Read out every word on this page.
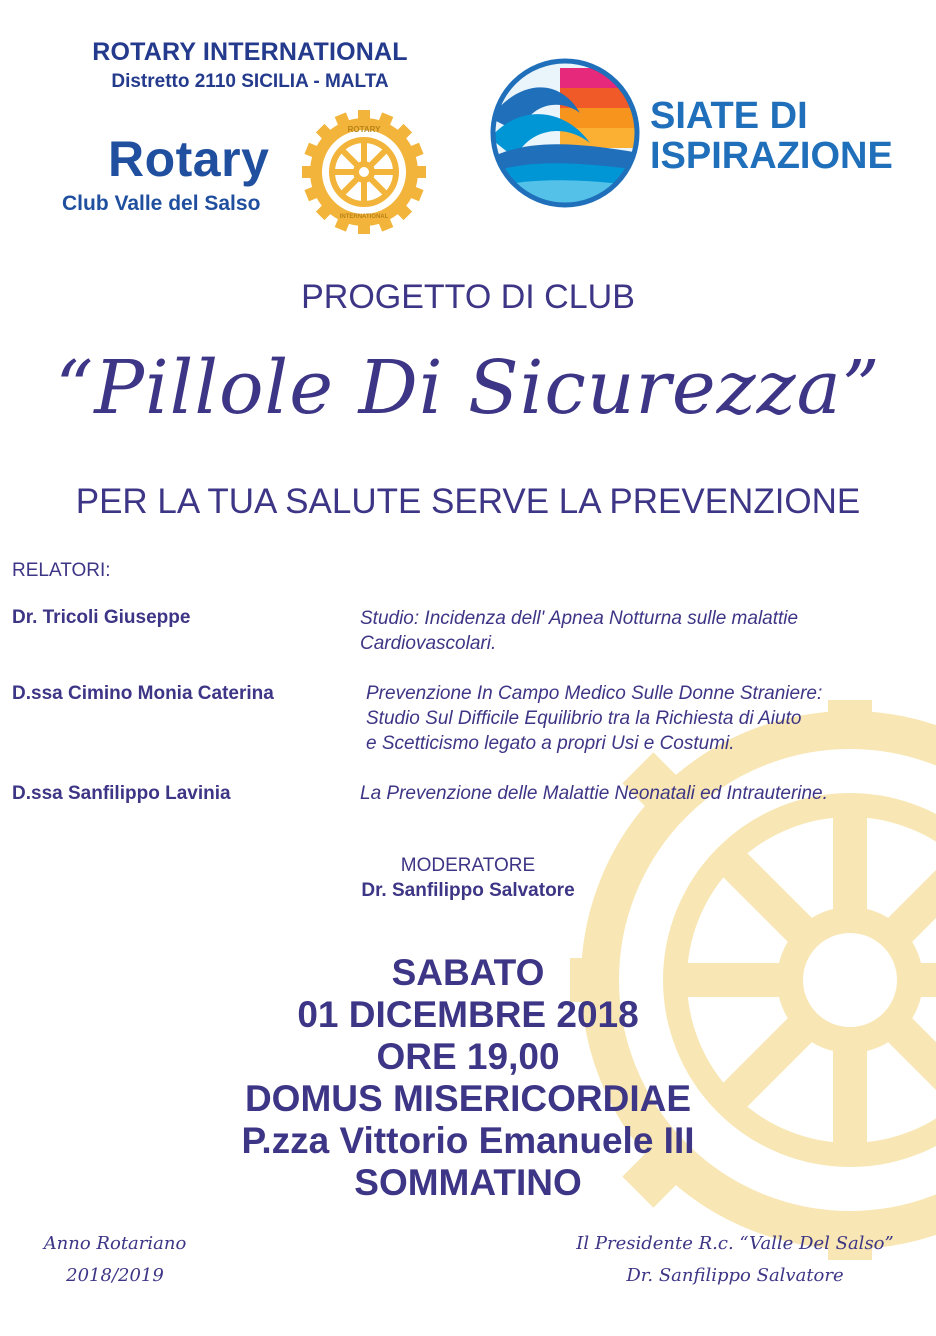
ROTARY INTERNATIONAL
Distretto 2110 SICILIA - MALTA
Rotary
Club Valle del Salso
ROTARY
INTERNATIONAL
SIATE DI
ISPIRAZIONE
PROGETTO DI CLUB
“Pillole Di Sicurezza”
PER LA TUA SALUTE SERVE LA PREVENZIONE
RELATORI:
Dr. Tricoli Giuseppe	Studio: Incidenza dell' Apnea Notturna sulle malattie
Cardiovascolari.
D.ssa Cimino Monia Caterina	Prevenzione In Campo Medico Sulle Donne Straniere:
Studio Sul Difficile Equilibrio tra la Richiesta di Aiuto
e Scetticismo legato a propri Usi e Costumi.
D.ssa Sanfilippo Lavinia	La Prevenzione delle Malattie Neonatali ed Intrauterine.
MODERATORE
Dr. Sanfilippo Salvatore
SABATO
01 DICEMBRE 2018
ORE 19,00
DOMUS MISERICORDIAE
P.zza Vittorio Emanuele III
SOMMATINO
Anno Rotariano
2018/2019
Il Presidente R.c. “Valle Del Salso”
Dr. Sanfilippo Salvatore
